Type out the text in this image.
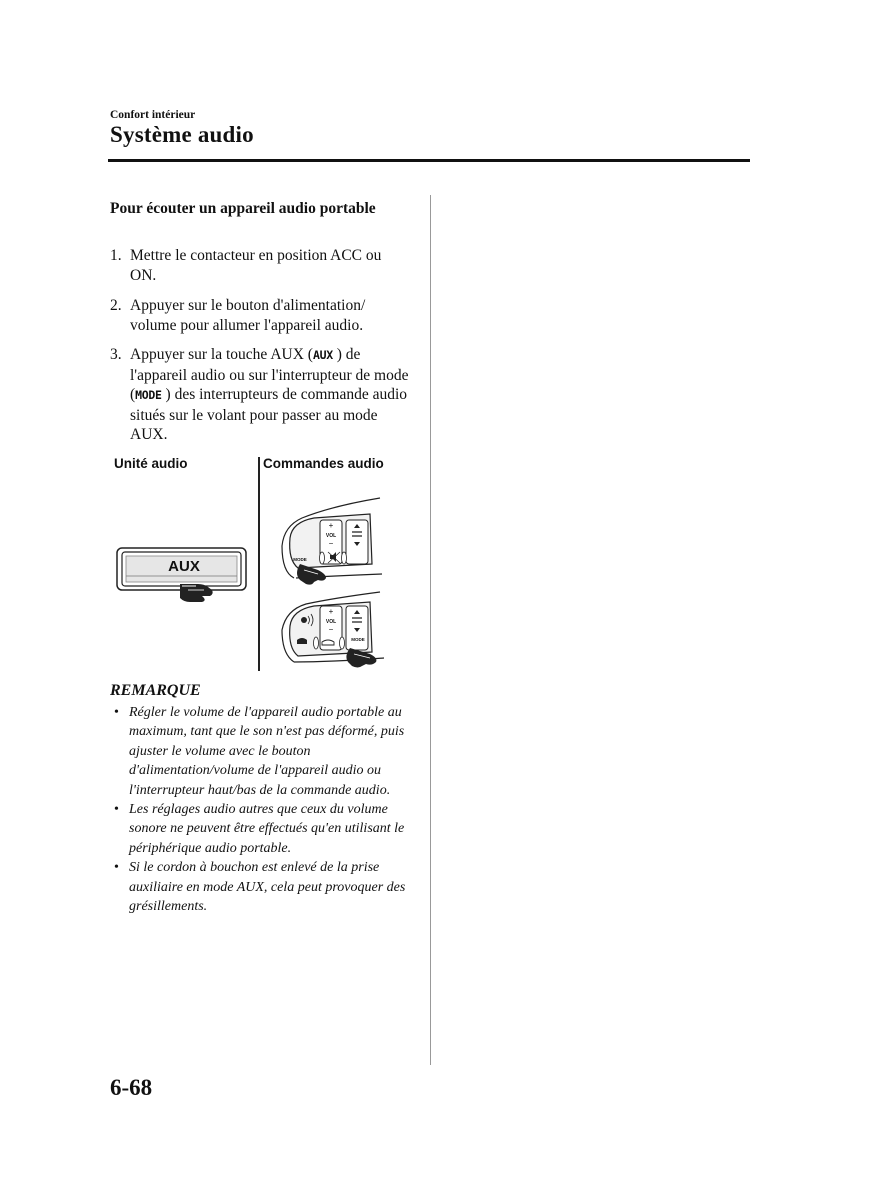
Confort intérieur
Système audio
Pour écouter un appareil audio portable
1. Mettre le contacteur en position ACC ou ON.
2. Appuyer sur le bouton d'alimentation/ volume pour allumer l'appareil audio.
3. Appuyer sur la touche AUX (AUX ) de l'appareil audio ou sur l'interrupteur de mode (MODE ) des interrupteurs de commande audio situés sur le volant pour passer au mode AUX.
Unité audio	Commandes audio
AUX
+
VOL
−
MODE
+
VOL
−
MODE
REMARQUE
• Régler le volume de l'appareil audio portable au maximum, tant que le son n'est pas déformé, puis ajuster le volume avec le bouton d'alimentation/volume de l'appareil audio ou l'interrupteur haut/bas de la commande audio.
• Les réglages audio autres que ceux du volume sonore ne peuvent être effectués qu'en utilisant le périphérique audio portable.
• Si le cordon à bouchon est enlevé de la prise auxiliaire en mode AUX, cela peut provoquer des grésillements.
6-68
